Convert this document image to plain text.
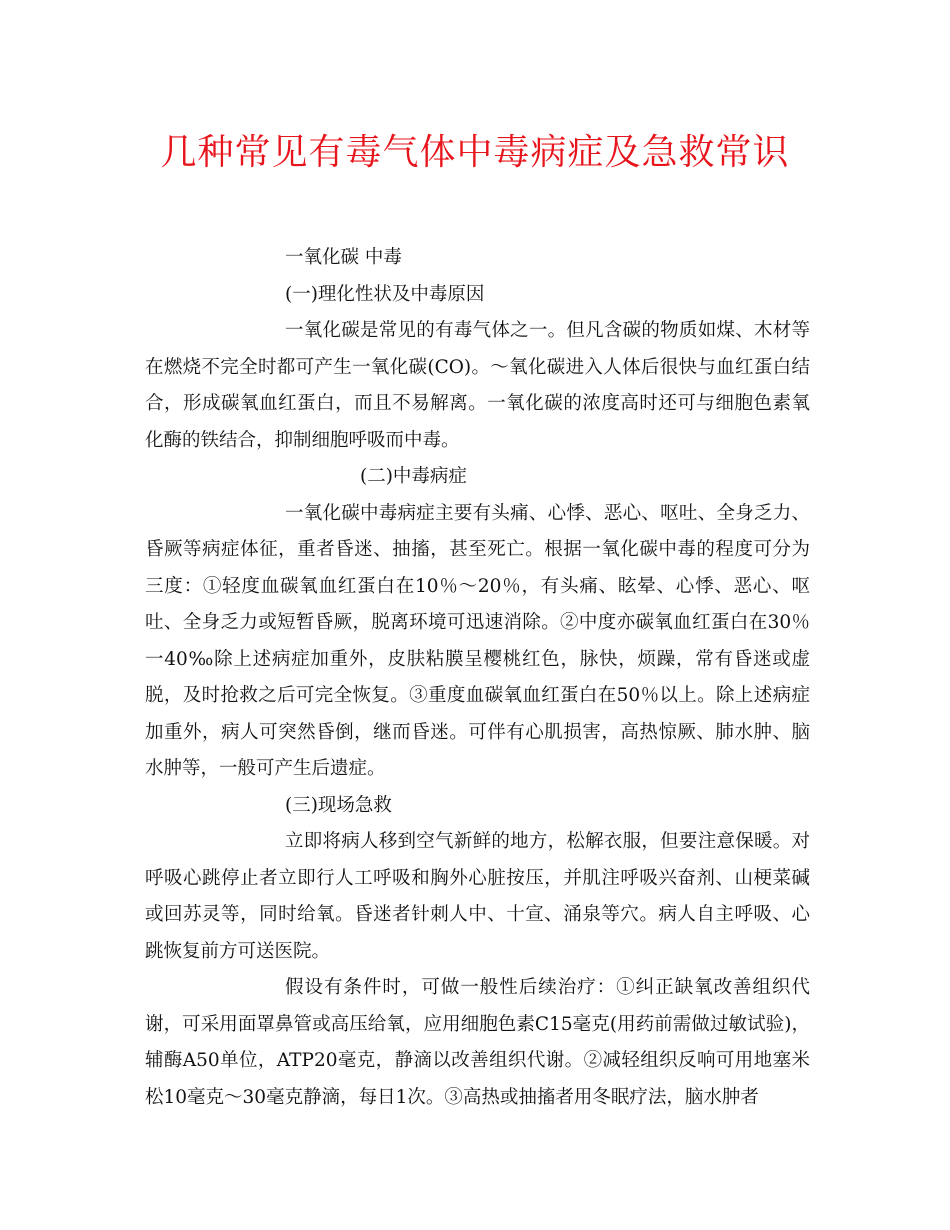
几种常见有毒气体中毒病症及急救常识

一氧化碳 中毒

(一)理化性状及中毒原因

一氧化碳是常见的有毒气体之一。但凡含碳的物质如煤、木材等在燃烧不完全时都可产生一氧化碳(CO)。～氧化碳进入人体后很快与血红蛋白结合，形成碳氧血红蛋白，而且不易解离。一氧化碳的浓度高时还可与细胞色素氧化酶的铁结合，抑制细胞呼吸而中毒。

(二)中毒病症

一氧化碳中毒病症主要有头痛、心悸、恶心、呕吐、全身乏力、昏厥等病症体征，重者昏迷、抽搐，甚至死亡。根据一氧化碳中毒的程度可分为三度：①轻度血碳氧血红蛋白在10％～20％，有头痛、眩晕、心悸、恶心、呕吐、全身乏力或短暂昏厥，脱离环境可迅速消除。②中度亦碳氧血红蛋白在30％一40‰除上述病症加重外，皮肤粘膜呈樱桃红色，脉快，烦躁，常有昏迷或虚脱，及时抢救之后可完全恢复。③重度血碳氧血红蛋白在50％以上。除上述病症加重外，病人可突然昏倒，继而昏迷。可伴有心肌损害，高热惊厥、肺水肿、脑水肿等，一般可产生后遗症。

(三)现场急救

立即将病人移到空气新鲜的地方，松解衣服，但要注意保暖。对呼吸心跳停止者立即行人工呼吸和胸外心脏按压，并肌注呼吸兴奋剂、山梗菜碱或回苏灵等，同时给氧。昏迷者针刺人中、十宣、涌泉等穴。病人自主呼吸、心跳恢复前方可送医院。

假设有条件时，可做一般性后续治疗：①纠正缺氧改善组织代谢，可采用面罩鼻管或高压给氧，应用细胞色素C15毫克(用药前需做过敏试验)，辅酶A50单位，ATP20毫克，静滴以改善组织代谢。②减轻组织反响可用地塞米松10毫克～30毫克静滴，每日1次。③高热或抽搐者用冬眠疗法，脑水肿者
